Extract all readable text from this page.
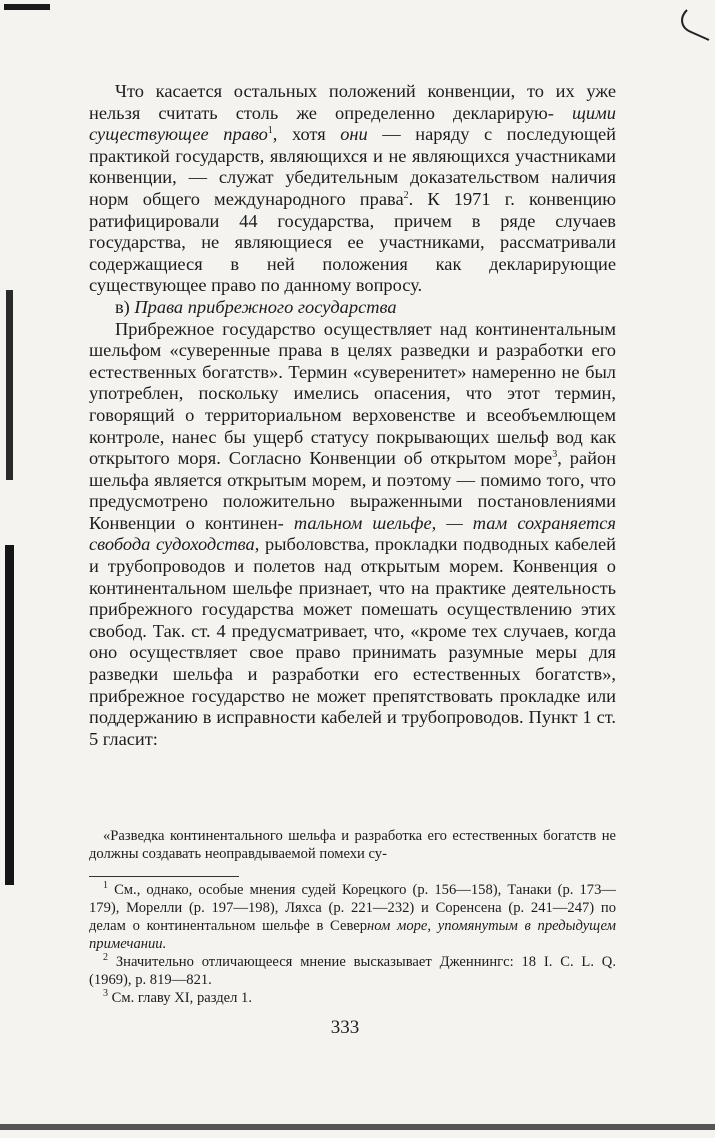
Что касается остальных положений конвенции, то их уже нельзя считать столь же определенно декларирую- щими существующее право$^1$, хотя они — наряду с последующей практикой государств, являющихся и не являющихся участниками конвенции, — служат убедительным доказательством наличия норм общего международного права$^2$. К 1971 г. конвенцию ратифицировали 44 государства, причем в ряде случаев государства, не являющиеся ее участниками, рассматривали содержащиеся в ней положения как декларирующие существующее право по данному вопросу.

в) Права прибрежного государства

Прибрежное государство осуществляет над континентальным шельфом «суверенные права в целях разведки и разработки его естественных богатств». Термин «суверенитет» намеренно не был употреблен, поскольку имелись опасения, что этот термин, говорящий о территориальном верховенстве и всеобъемлющем контроле, нанес бы ущерб статусу покрывающих шельф вод как открытого моря. Согласно Конвенции об открытом море$^3$, район шельфа является открытым морем, и поэтому — помимо того, что предусмотрено положительно выраженными постановлениями Конвенции о континен- тальном шельфе, — там сохраняется свобода судоходства, рыболовства, прокладки подводных кабелей и трубопроводов и полетов над открытым морем. Конвенция о континентальном шельфе признает, что на практике деятельность прибрежного государства может помешать осуществлению этих свобод. Так. ст. 4 предусматривает, что, «кроме тех случаев, когда оно осуществляет свое право принимать разумные меры для разведки шельфа и разработки его естественных богатств», прибрежное государство не может препятствовать прокладке или поддержанию в исправности кабелей и трубопроводов. Пункт 1 ст. 5 гласит:

«Разведка континентального шельфа и разработка его естественных богатств не должны создавать неоправдываемой помехи су-

$^1$ См., однако, особые мнения судей Корецкого (р. 156—158), Танаки (р. 173—179), Морелли (р. 197—198), Ляхса (р. 221—232) и Соренсена (р. 241—247) по делам о континентальном шельфе в Северном море, упомянутым в предыдущем примечании.

$^2$ Значительно отличающееся мнение высказывает Дженнингс: 18 I. C. L. Q. (1969), р. 819—821.

$^3$ См. главу XI, раздел 1.

333
